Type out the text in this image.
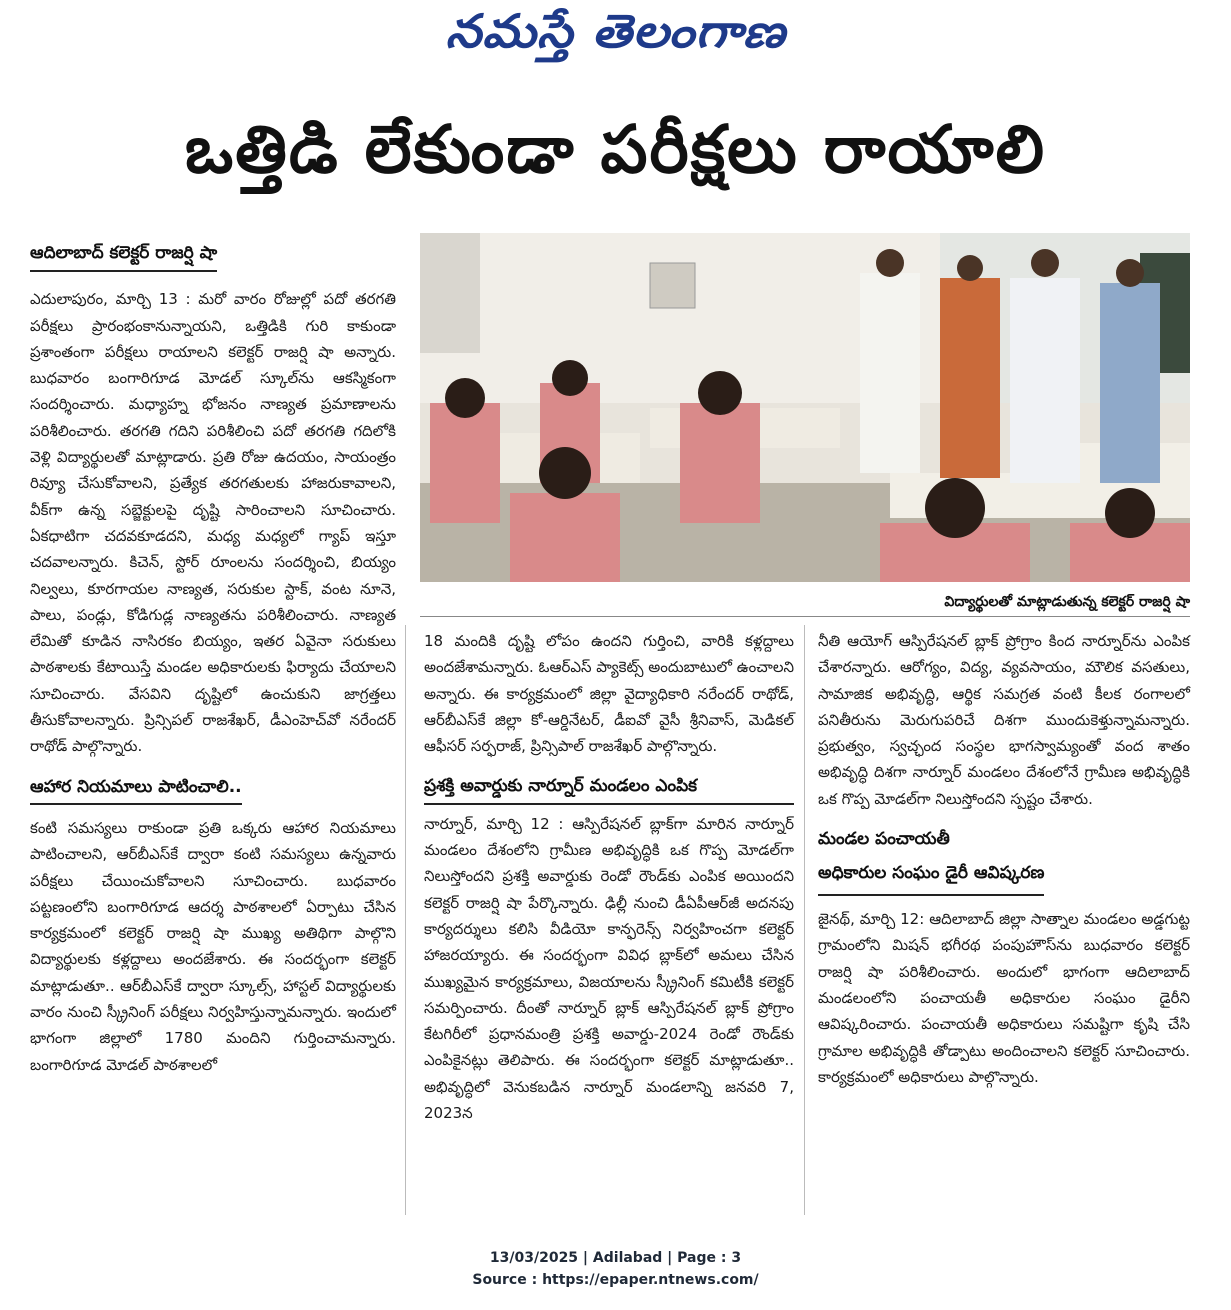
నమస్తే తెలంగాణ
ఒత్తిడి లేకుండా పరీక్షలు రాయాలి
ఆదిలాబాద్ కలెక్టర్ రాజర్షి షా

ఎదులాపురం, మార్చి 13 : మరో వారం రోజుల్లో పదో తరగతి పరీక్షలు ప్రారంభంకానున్నాయని, ఒత్తిడికి గురి కాకుండా ప్రశాంతంగా పరీక్షలు రాయాలని కలెక్టర్ రాజర్షి షా అన్నారు. బుధవారం బంగారిగూడ మోడల్ స్కూల్‌ను ఆకస్మికంగా సందర్శించారు. మధ్యాహ్న భోజనం నాణ్యత ప్రమాణాలను పరిశీలించారు. తరగతి గదిని పరిశీలించి పదో తరగతి గదిలోకి వెళ్లి విద్యార్థులతో మాట్లాడారు. ప్రతి రోజు ఉదయం, సాయంత్రం రివ్యూ చేసుకోవాలని, ప్రత్యేక తరగతులకు హాజరుకావాలని, వీక్‌గా ఉన్న సబ్జెక్టులపై దృష్టి సారించాలని సూచించారు. ఏకధాటిగా చదవకూడదని, మధ్య మధ్యలో గ్యాప్ ఇస్తూ చదవాలన్నారు. కిచెన్, స్టోర్ రూంలను సందర్శించి, బియ్యం నిల్వలు, కూరగాయల నాణ్యత, సరుకుల స్టాక్, వంట నూనె, పాలు, పండ్లు, కోడిగుడ్ల నాణ్యతను పరిశీలించారు. నాణ్యత లేమితో కూడిన నాసిరకం బియ్యం, ఇతర ఏవైనా సరుకులు పాఠశాలకు కేటాయిస్తే మండల అధికారులకు ఫిర్యాదు చేయాలని సూచించారు. వేసవిని దృష్టిలో ఉంచుకుని జాగ్రత్తలు తీసుకోవాలన్నారు. ప్రిన్సిపల్ రాజశేఖర్, డీఎంహెచ్‌వో నరేందర్ రాథోడ్ పాల్గొన్నారు.

ఆహార నియమాలు పాటించాలి..

కంటి సమస్యలు రాకుండా ప్రతి ఒక్కరు ఆహార నియమాలు పాటించాలని, ఆర్‌బీఎస్‌కే ద్వారా కంటి సమస్యలు ఉన్నవారు పరీక్షలు చేయించుకోవాలని సూచించారు. బుధవారం పట్టణంలోని బంగారిగూడ ఆదర్శ పాఠశాలలో ఏర్పాటు చేసిన కార్యక్రమంలో కలెక్టర్ రాజర్షి షా ముఖ్య అతిథిగా పాల్గొని విద్యార్థులకు కళ్లద్దాలు అందజేశారు. ఈ సందర్భంగా కలెక్టర్ మాట్లాడుతూ.. ఆర్‌బీఎస్‌కే ద్వారా స్కూల్స్, హాస్టల్ విద్యార్థులకు వారం నుంచి స్క్రీనింగ్ పరీక్షలు నిర్వహిస్తున్నామన్నారు. ఇందులో భాగంగా జిల్లాలో 1780 మందిని గుర్తించామన్నారు. బంగారిగూడ మోడల్ పాఠశాలలో

విద్యార్థులతో మాట్లాడుతున్న కలెక్టర్ రాజర్షి షా

18 మందికి దృష్టి లోపం ఉందని గుర్తించి, వారికి కళ్లద్దాలు అందజేశామన్నారు. ఓఆర్‌ఎస్ ప్యాకెట్స్ అందుబాటులో ఉంచాలని అన్నారు. ఈ కార్యక్రమంలో జిల్లా వైద్యాధికారి నరేందర్ రాథోడ్, ఆర్‌బీఎస్‌కే జిల్లా కో-ఆర్డినేటర్, డీఐవో వైసీ శ్రీనివాస్, మెడికల్ ఆఫీసర్ సర్ఫరాజ్, ప్రిన్సిపాల్ రాజశేఖర్ పాల్గొన్నారు.

ప్రశక్తి అవార్డుకు నార్నూర్ మండలం ఎంపిక

నార్నూర్, మార్చి 12 : ఆస్పిరేషనల్ బ్లాక్‌గా మారిన నార్నూర్ మండలం దేశంలోని గ్రామీణ అభివృద్ధికి ఒక గొప్ప మోడల్‌గా నిలుస్తోందని ప్రశక్తి అవార్డుకు రెండో రౌండ్‌కు ఎంపిక అయిందని కలెక్టర్ రాజర్షి షా పేర్కొన్నారు. ఢిల్లీ నుంచి డీఏపీఆర్‌జీ అదనపు కార్యదర్శులు కలిసి వీడియో కాన్ఫరెన్స్ నిర్వహించగా కలెక్టర్ హాజరయ్యారు. ఈ సందర్భంగా వివిధ బ్లాక్‌లో అమలు చేసిన ముఖ్యమైన కార్యక్రమాలు, విజయాలను స్క్రీనింగ్ కమిటీకి కలెక్టర్ సమర్పించారు. దీంతో నార్నూర్ బ్లాక్ ఆస్పిరేషనల్ బ్లాక్ ప్రోగ్రాం కేటగిరీలో ప్రధానమంత్రి ప్రశక్తి అవార్డు-2024 రెండో రౌండ్‌కు ఎంపికైనట్లు తెలిపారు. ఈ సందర్భంగా కలెక్టర్ మాట్లాడుతూ.. అభివృద్ధిలో వెనుకబడిన నార్నూర్ మండలాన్ని జనవరి 7, 2023న

నీతి ఆయోగ్ ఆస్పిరేషనల్ బ్లాక్ ప్రోగ్రాం కింద నార్నూర్‌ను ఎంపిక చేశారన్నారు. ఆరోగ్యం, విద్య, వ్యవసాయం, మౌలిక వసతులు, సామాజిక అభివృద్ధి, ఆర్థిక సమగ్రత వంటి కీలక రంగాలలో పనితీరును మెరుగుపరిచే దిశగా ముందుకెళ్తున్నామన్నారు. ప్రభుత్వం, స్వచ్ఛంద సంస్థల భాగస్వామ్యంతో వంద శాతం అభివృద్ధి దిశగా నార్నూర్ మండలం దేశంలోనే గ్రామీణ అభివృద్ధికి ఒక గొప్ప మోడల్‌గా నిలుస్తోందని స్పష్టం చేశారు.

మండల పంచాయతీ
అధికారుల సంఘం డైరీ ఆవిష్కరణ

జైనథ్, మార్చి 12: ఆదిలాబాద్ జిల్లా సాత్నాల మండలం అడ్డగుట్ట గ్రామంలోని మిషన్ భగీరథ పంపుహౌస్‌ను బుధవారం కలెక్టర్ రాజర్షి షా పరిశీలించారు. అందులో భాగంగా ఆదిలాబాద్ మండలంలోని పంచాయతీ అధికారుల సంఘం డైరీని ఆవిష్కరించారు. పంచాయతీ అధికారులు సమష్టిగా కృషి చేసి గ్రామాల అభివృద్ధికి తోడ్పాటు అందించాలని కలెక్టర్ సూచించారు. కార్యక్రమంలో అధికారులు పాల్గొన్నారు.

13/03/2025 | Adilabad | Page : 3
Source : https://epaper.ntnews.com/
